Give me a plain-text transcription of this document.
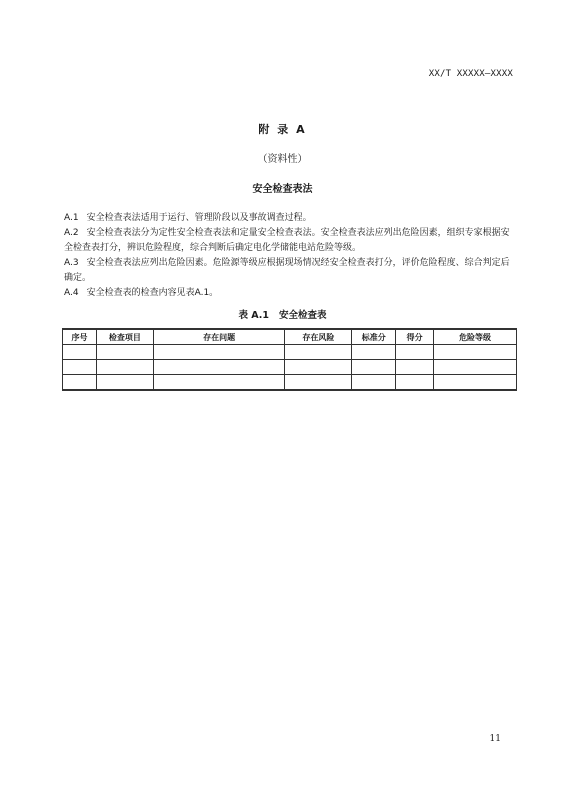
XX/T XXXXX—XXXX
附 录 A
（资料性）
安全检查表法

A.1 安全检查表法适用于运行、管理阶段以及事故调查过程。

A.2 安全检查表法分为定性安全检查表法和定量安全检查表法。安全检查表法应列出危险因素，组织专家根据安全检查表打分，辨识危险程度，综合判断后确定电化学储能电站危险等级。

A.3 安全检查表法应列出危险因素。危险源等级应根据现场情况经安全检查表打分，评价危险程度、综合判定后确定。

A.4 安全检查表的检查内容见表A.1。

表 A.1 安全检查表
序号	检查项目	存在问题	存在风险	标准分	得分	危险等级

11
